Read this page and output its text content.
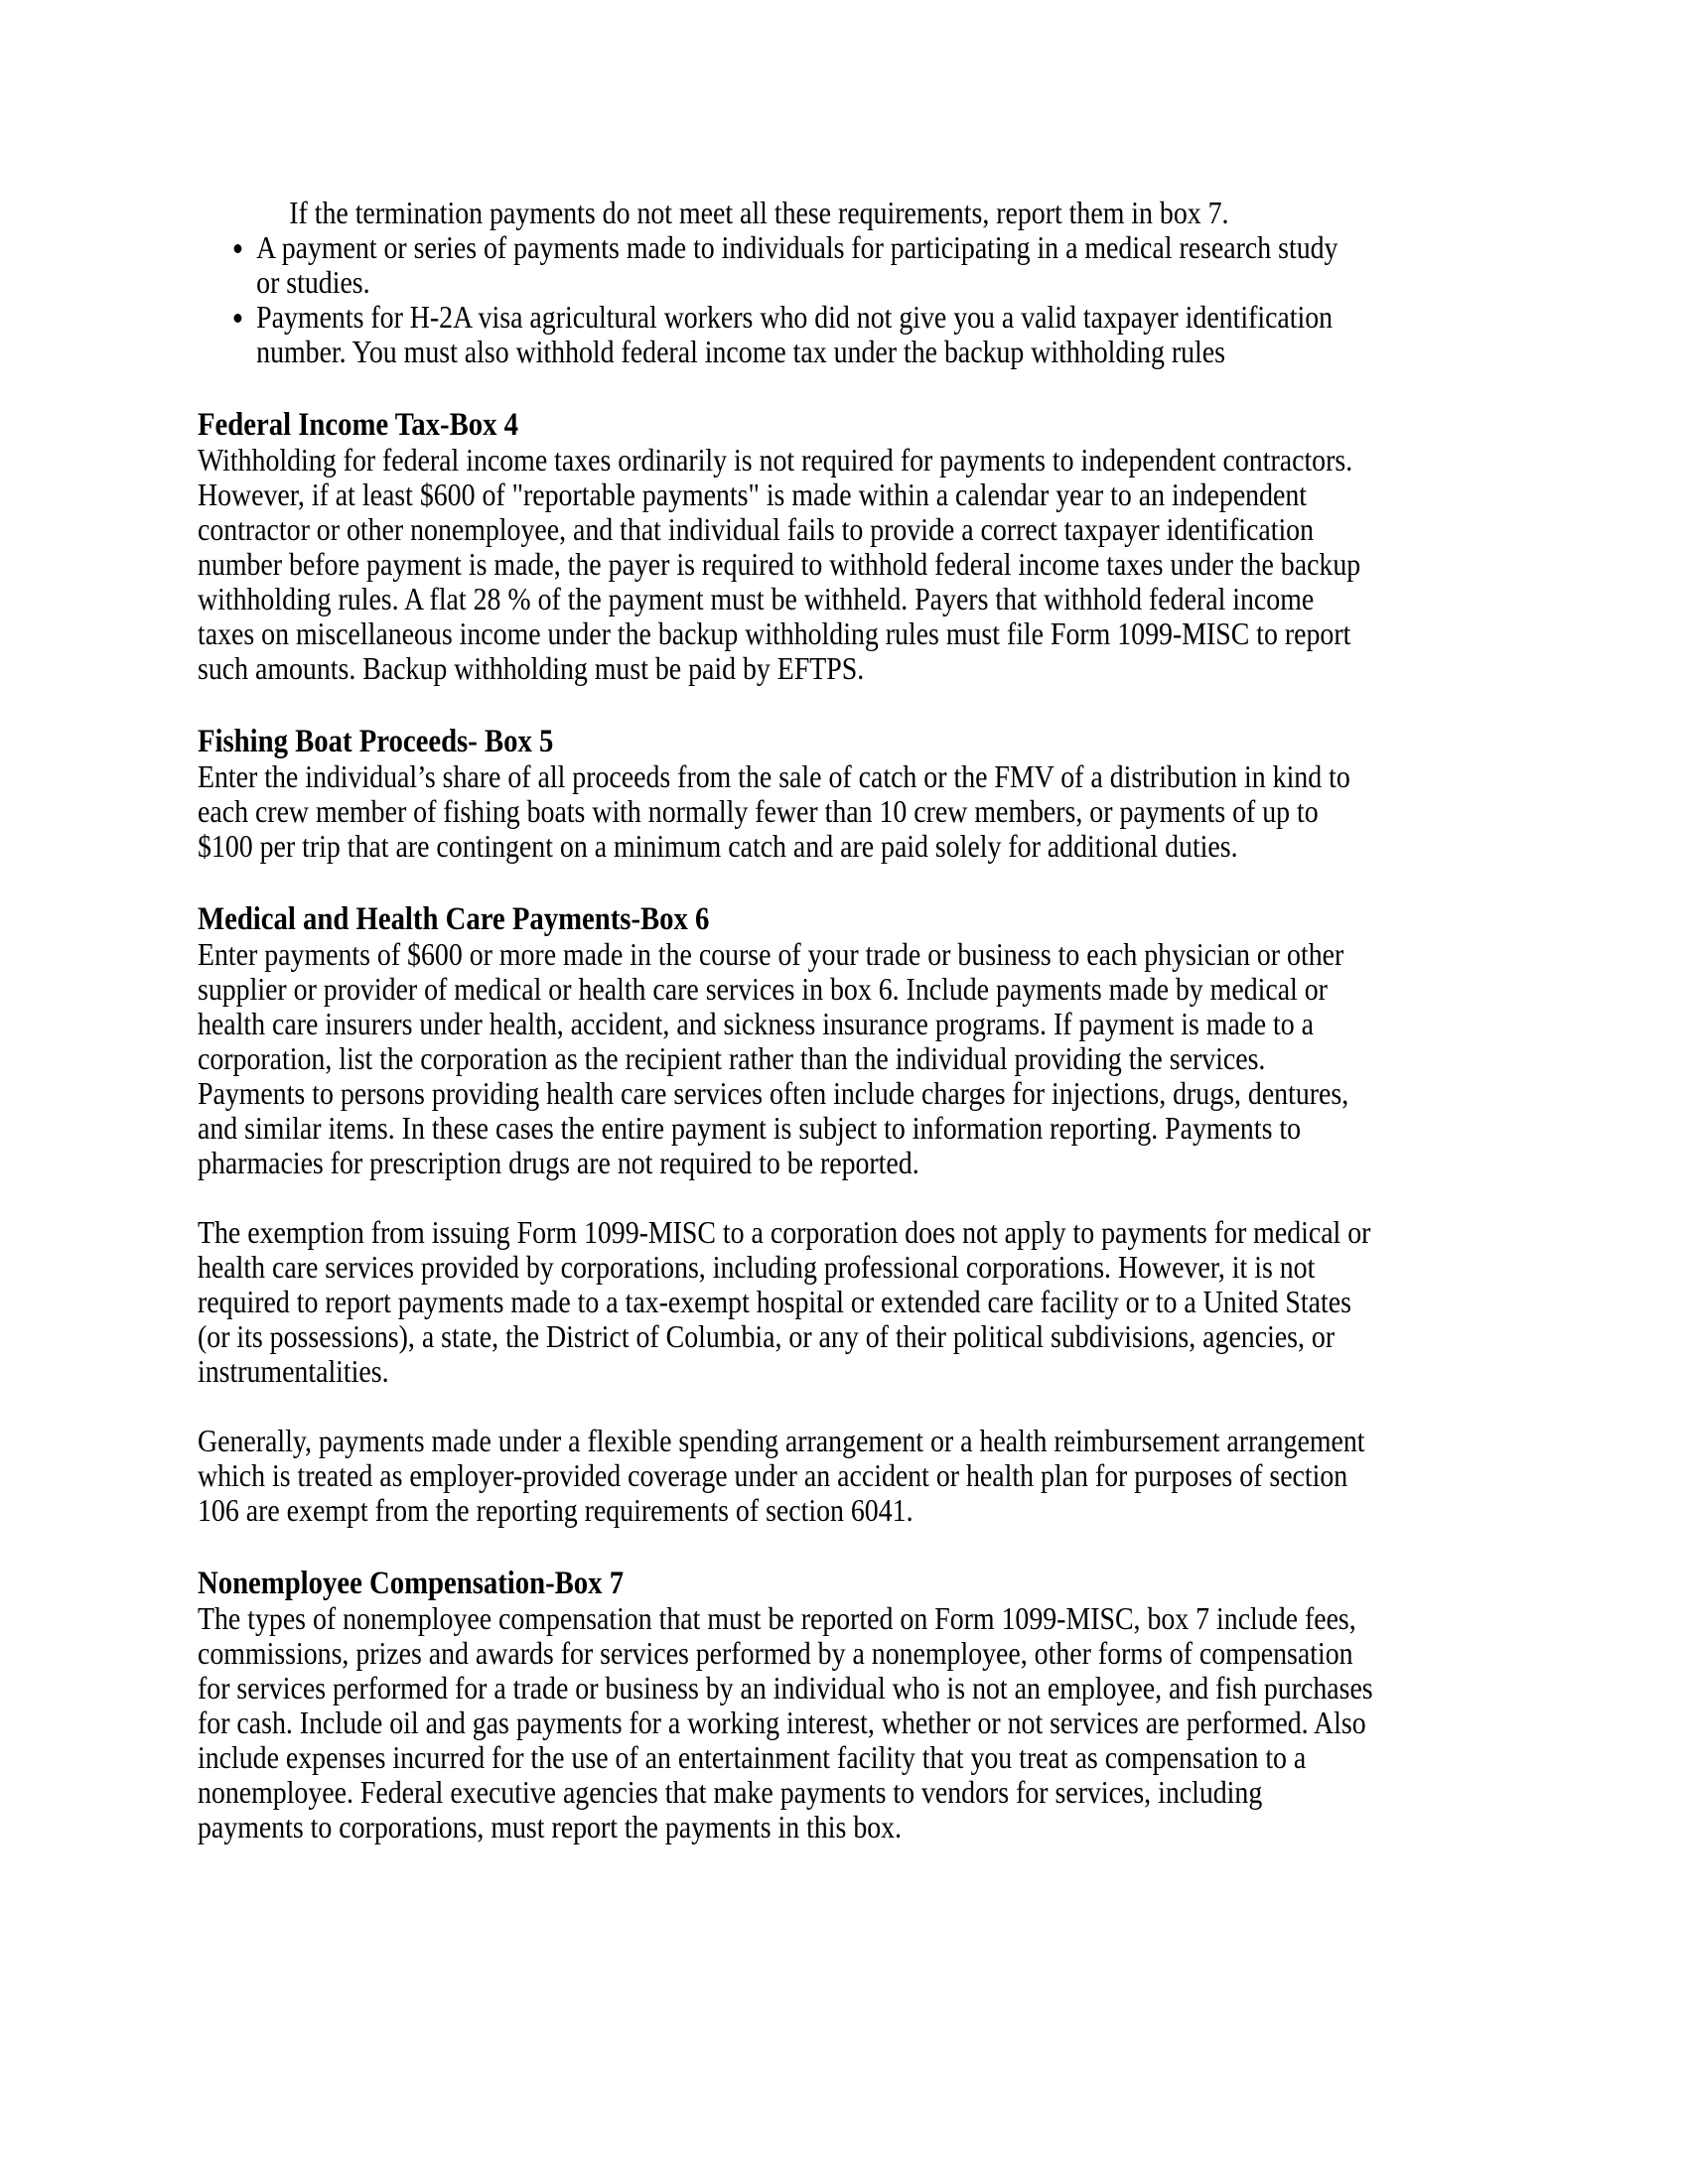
If the termination payments do not meet all these requirements, report them in box 7.
A payment or series of payments made to individuals for participating in a medical research study
or studies.
Payments for H-2A visa agricultural workers who did not give you a valid taxpayer identification
number. You must also withhold federal income tax under the backup withholding rules
Federal Income Tax-Box 4
Withholding for federal income taxes ordinarily is not required for payments to independent contractors.
However, if at least $600 of "reportable payments" is made within a calendar year to an independent
contractor or other nonemployee, and that individual fails to provide a correct taxpayer identification
number before payment is made, the payer is required to withhold federal income taxes under the backup
withholding rules. A flat 28 % of the payment must be withheld. Payers that withhold federal income
taxes on miscellaneous income under the backup withholding rules must file Form 1099-MISC to report
such amounts. Backup withholding must be paid by EFTPS.
Fishing Boat Proceeds- Box 5
Enter the individual’s share of all proceeds from the sale of catch or the FMV of a distribution in kind to
each crew member of fishing boats with normally fewer than 10 crew members, or payments of up to
$100 per trip that are contingent on a minimum catch and are paid solely for additional duties.
Medical and Health Care Payments-Box 6
Enter payments of $600 or more made in the course of your trade or business to each physician or other
supplier or provider of medical or health care services in box 6. Include payments made by medical or
health care insurers under health, accident, and sickness insurance programs. If payment is made to a
corporation, list the corporation as the recipient rather than the individual providing the services.
Payments to persons providing health care services often include charges for injections, drugs, dentures,
and similar items. In these cases the entire payment is subject to information reporting. Payments to
pharmacies for prescription drugs are not required to be reported.
The exemption from issuing Form 1099-MISC to a corporation does not apply to payments for medical or
health care services provided by corporations, including professional corporations. However, it is not
required to report payments made to a tax-exempt hospital or extended care facility or to a United States
(or its possessions), a state, the District of Columbia, or any of their political subdivisions, agencies, or
instrumentalities.
Generally, payments made under a flexible spending arrangement or a health reimbursement arrangement
which is treated as employer-provided coverage under an accident or health plan for purposes of section
106 are exempt from the reporting requirements of section 6041.
Nonemployee Compensation-Box 7
The types of nonemployee compensation that must be reported on Form 1099-MISC, box 7 include fees,
commissions, prizes and awards for services performed by a nonemployee, other forms of compensation
for services performed for a trade or business by an individual who is not an employee, and fish purchases
for cash. Include oil and gas payments for a working interest, whether or not services are performed. Also
include expenses incurred for the use of an entertainment facility that you treat as compensation to a
nonemployee. Federal executive agencies that make payments to vendors for services, including
payments to corporations, must report the payments in this box.
